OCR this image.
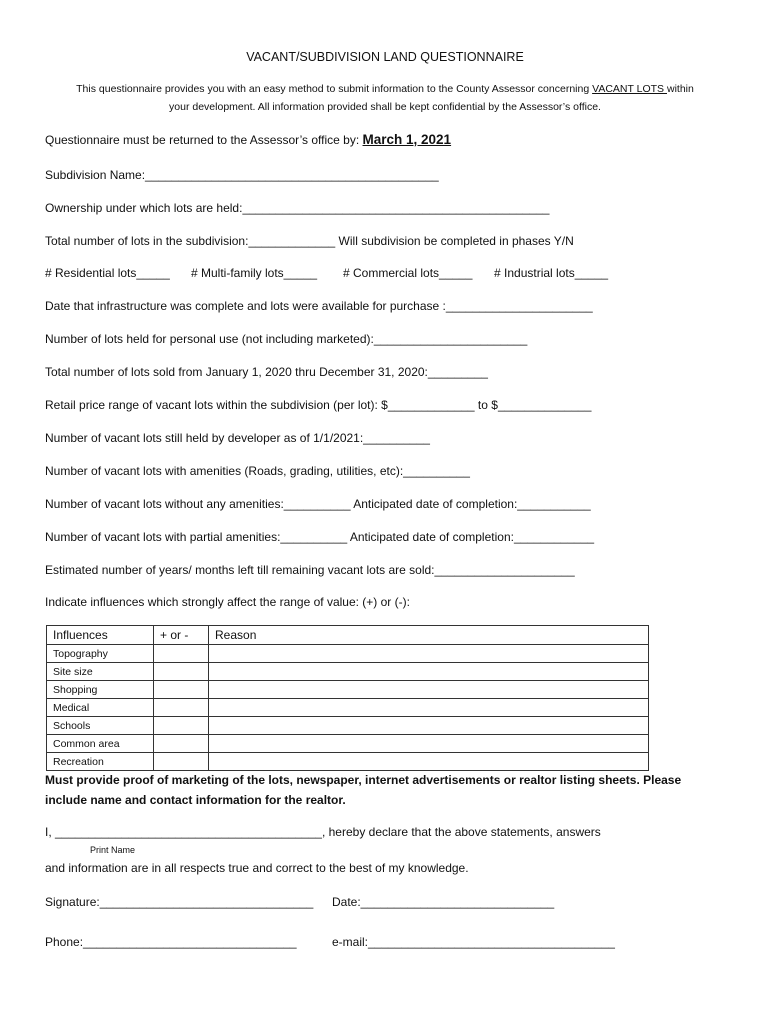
VACANT/SUBDIVISION LAND QUESTIONNAIRE
This questionnaire provides you with an easy method to submit information to the County Assessor concerning VACANT LOTS within
your development. All information provided shall be kept confidential by the Assessor’s office.
Questionnaire must be returned to the Assessor’s office by: March 1, 2021
Subdivision Name:____________________________________________
Ownership under which lots are held:______________________________________________
Total number of lots in the subdivision:_____________ Will subdivision be completed in phases Y/N
# Residential lots_____ # Multi-family lots_____ # Commercial lots_____ # Industrial lots_____
Date that infrastructure was complete and lots were available for purchase :______________________
Number of lots held for personal use (not including marketed):_______________________
Total number of lots sold from January 1, 2020 thru December 31, 2020:_________
Retail price range of vacant lots within the subdivision (per lot): $_____________ to $______________
Number of vacant lots still held by developer as of 1/1/2021:__________
Number of vacant lots with amenities (Roads, grading, utilities, etc):__________
Number of vacant lots without any amenities:__________ Anticipated date of completion:___________
Number of vacant lots with partial amenities:__________ Anticipated date of completion:____________
Estimated number of years/ months left till remaining vacant lots are sold:_____________________
Indicate influences which strongly affect the range of value: (+) or (-):
Influences	+ or -	Reason
Topography		
Site size		
Shopping		
Medical		
Schools		
Common area		
Recreation		
Must provide proof of marketing of the lots, newspaper, internet advertisements or realtor listing sheets. Please
include name and contact information for the realtor.
I, ________________________________________, hereby declare that the above statements, answers
Print Name
and information are in all respects true and correct to the best of my knowledge.
Signature:________________________________ Date:_____________________________
Phone:________________________________	e-mail:_____________________________________
